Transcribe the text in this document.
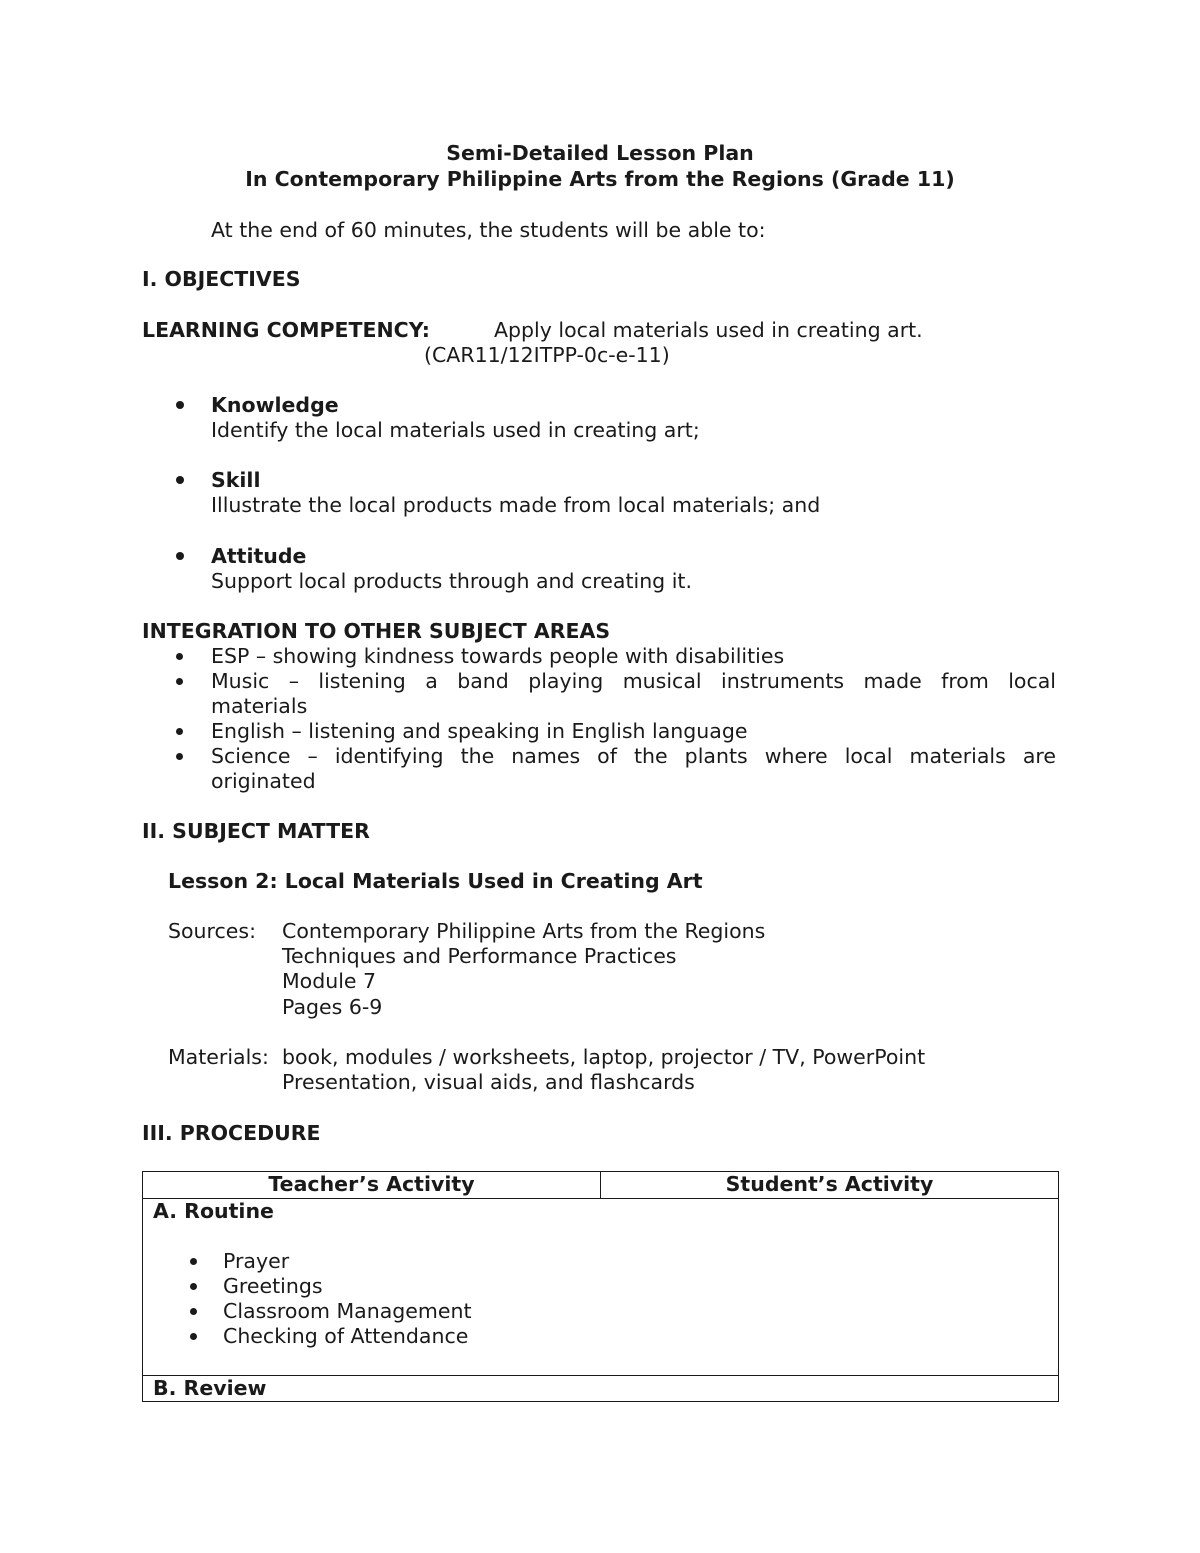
Semi-Detailed Lesson Plan

In Contemporary Philippine Arts from the Regions (Grade 11)

At the end of 60 minutes, the students will be able to:

I. OBJECTIVES

LEARNING COMPETENCY:	Apply local materials used in creating art.

(CAR11/12ITPP-0c-e-11)

Knowledge

Identify the local materials used in creating art;

Skill

Illustrate the local products made from local materials; and

Attitude

Support local products through and creating it.

INTEGRATION TO OTHER SUBJECT AREAS

ESP – showing kindness towards people with disabilities

Music – listening a band playing musical instruments made from local

materials

English – listening and speaking in English language

Science – identifying the names of the plants where local materials are

originated

II. SUBJECT MATTER

Lesson 2: Local Materials Used in Creating Art

Sources: Contemporary Philippine Arts from the Regions

Techniques and Performance Practices

Module 7

Pages 6-9

Materials: book, modules / worksheets, laptop, projector / TV, PowerPoint

Presentation, visual aids, and flashcards

III. PROCEDURE

Teacher’s Activity	Student’s Activity

A. Routine
Prayer
Greetings
Classroom Management
Checking of Attendance

B. Review
